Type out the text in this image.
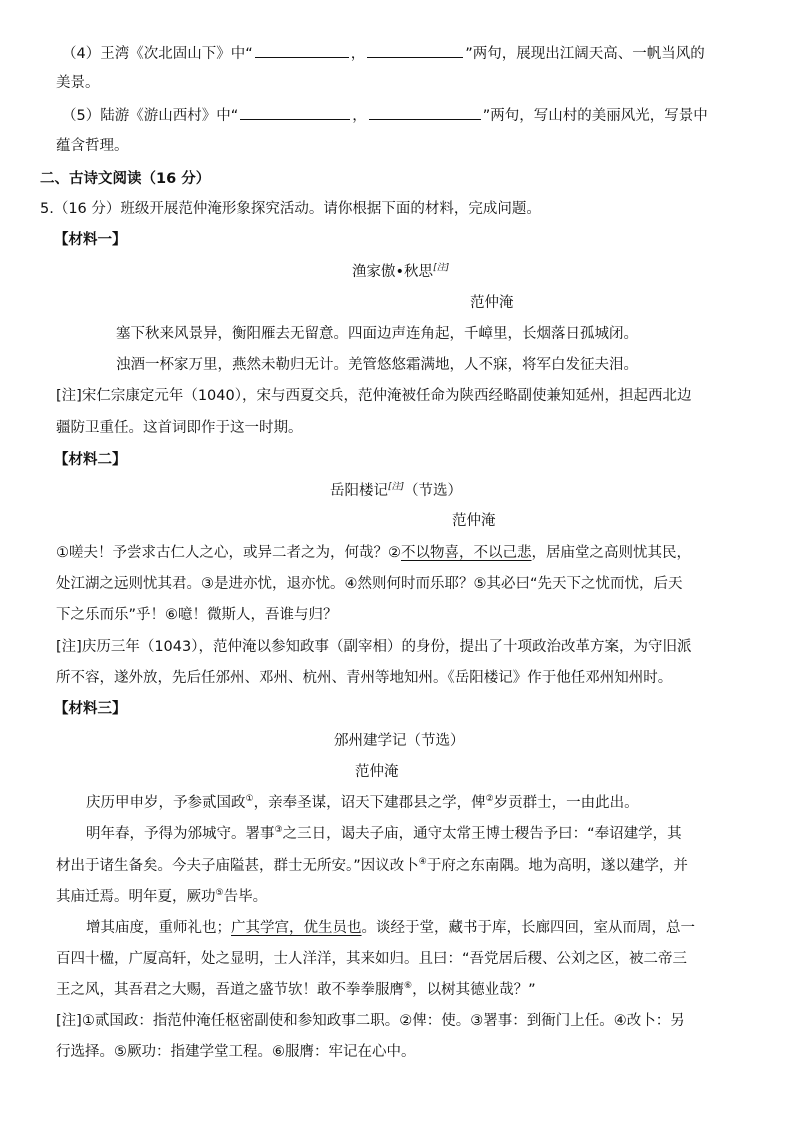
（4）王湾《次北固山下》中“	，	”两句，展现出江阔天高、一帆当风的
美景。
（5）陆游《游山西村》中“	，	”两句，写山村的美丽风光，写景中
蕴含哲理。
二、古诗文阅读（16 分）
5.（16 分）班级开展范仲淹形象探究活动。请你根据下面的材料，完成问题。
【材料一】
渔家傲•秋思[注]
范仲淹
塞下秋来风景异，衡阳雁去无留意。四面边声连角起，千嶂里，长烟落日孤城闭。
浊酒一杯家万里，燕然未勒归无计。羌管悠悠霜满地，人不寐，将军白发征夫泪。
[注]宋仁宗康定元年（1040），宋与西夏交兵，范仲淹被任命为陕西经略副使兼知延州，担起西北边
疆防卫重任。这首词即作于这一时期。
【材料二】
岳阳楼记[注]（节选）
范仲淹
①嗟夫！予尝求古仁人之心，或异二者之为，何哉？②不以物喜，不以己悲，居庙堂之高则忧其民，
处江湖之远则忧其君。③是进亦忧，退亦忧。④然则何时而乐耶？⑤其必曰“先天下之忧而忧，后天
下之乐而乐”乎！⑥噫！微斯人，吾谁与归？
[注]庆历三年（1043），范仲淹以参知政事（副宰相）的身份，提出了十项政治改革方案，为守旧派
所不容，遂外放，先后任邠州、邓州、杭州、青州等地知州。《岳阳楼记》作于他任邓州知州时。
【材料三】
邠州建学记（节选）
范仲淹
庆历甲申岁，予参贰国政①，亲奉圣谋，诏天下建郡县之学，俾②岁贡群士，一由此出。
明年春，予得为邠城守。署事③之三日，谒夫子庙，通守太常王博士稷告予曰：“奉诏建学，其
材出于诸生备矣。今夫子庙隘甚，群士无所安。”因议改卜④于府之东南隅。地为高明，遂以建学，并
其庙迁焉。明年夏，厥功⑤告毕。
增其庙度，重师礼也；广其学宫，优生员也。谈经于堂，藏书于库，长廊四回，室从而周，总一
百四十楹，广厦高轩，处之显明，士人洋洋，其来如归。且曰：“吾党居后稷、公刘之区，被二帝三
王之风，其吾君之大赐，吾道之盛节欤！敢不拳拳服膺⑥，以树其德业哉？”
[注]①贰国政：指范仲淹任枢密副使和参知政事二职。②俾：使。③署事：到衙门上任。④改卜：另
行选择。⑤厥功：指建学堂工程。⑥服膺：牢记在心中。
